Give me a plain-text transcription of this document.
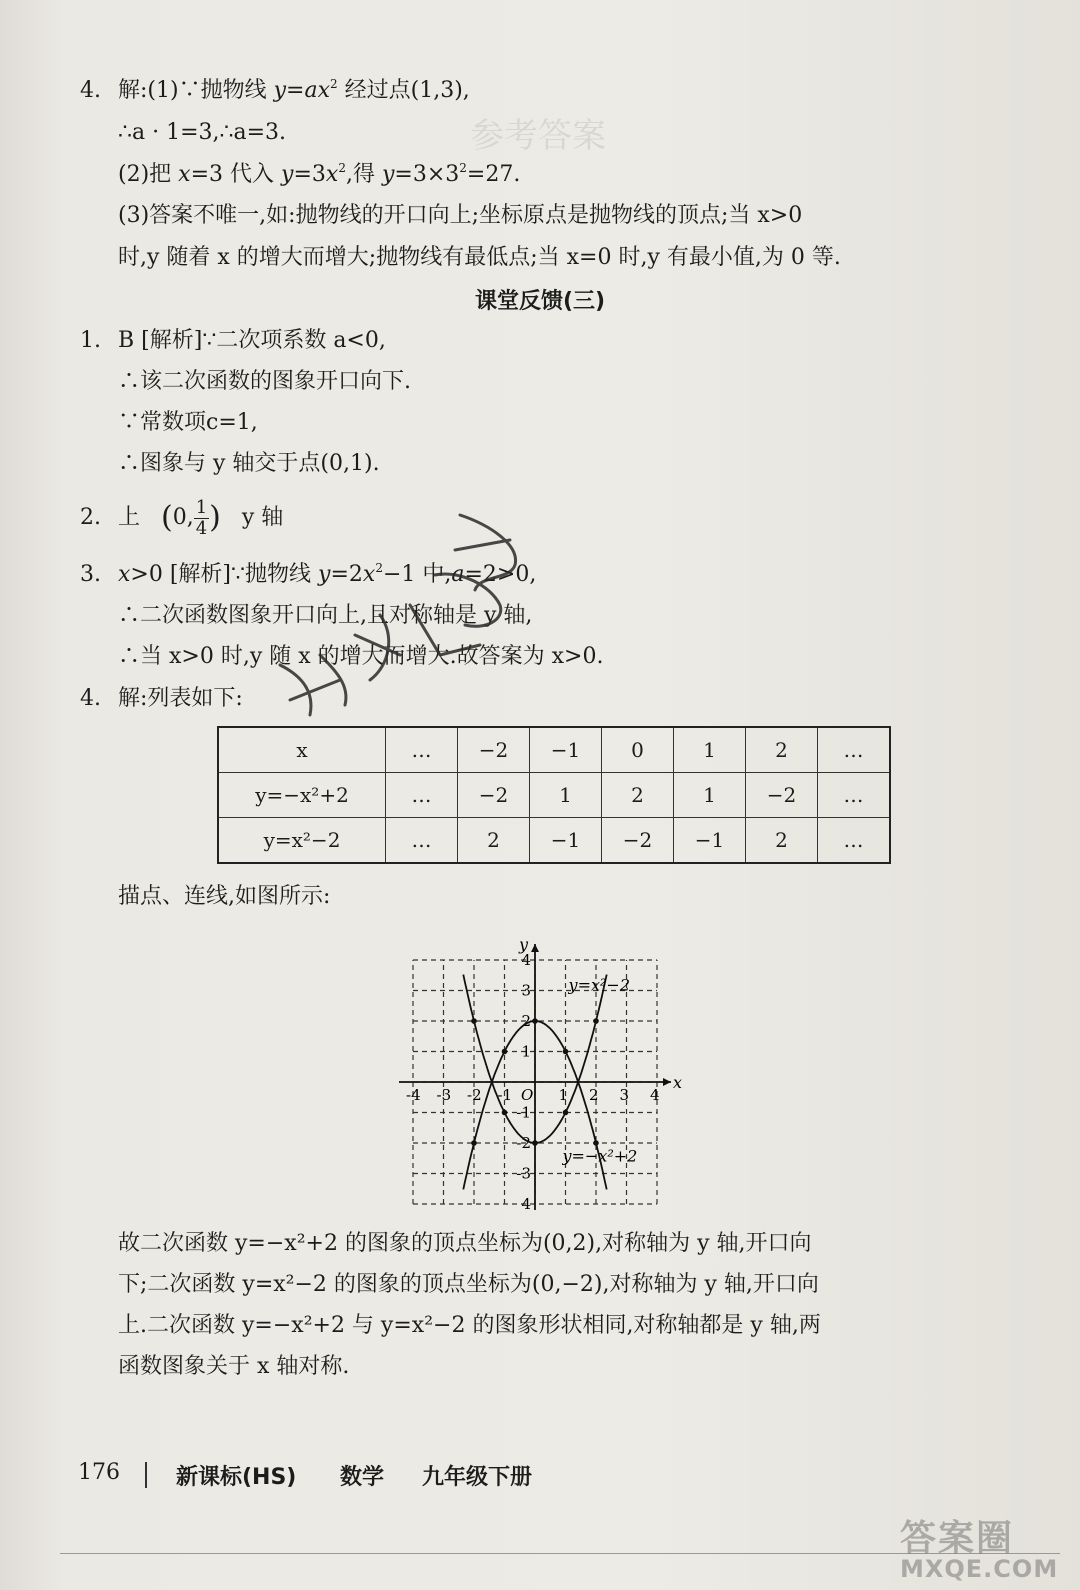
参考答案
4. 解:(1)∵抛物线 $y=ax^2$ 经过点(1,3),
∴a · 1=3,∴a=3.
(2)把 x=3 代入 $y=3x^2$,得 $y=3\times 3^2=27$.
(3)答案不唯一,如:抛物线的开口向上;坐标原点是抛物线的顶点;当 x>0
时,y 随着 x 的增大而增大;抛物线有最低点;当 x=0 时,y 有最小值,为 0 等.
课堂反馈(三)
1. B [解析]∵二次项系数 a<0,
∴该二次函数的图象开口向下.
∵常数项c=1,
∴图象与 y 轴交于点(0,1).
2. 上 (0, $\frac{1}{4}$ ) y 轴
3. x>0 [解析]∵抛物线 $y=2x^2-1$ 中,a=2>0,
∴二次函数图象开口向上,且对称轴是 y 轴,
∴当 x>0 时,y 随 x 的增大而增大.故答案为 x>0.
4. 解:列表如下:
x	…	−2	−1	0	1	2	…
y=−x²+2	…	−2	1	2	1	−2	…
y=x²−2	…	2	−1	−2	−1	2	…
描点、连线,如图所示:
x
y
O
-4 -3 -2 -1	1 2 3 4
4
3
2
1
-1
-2
-3
4
y=x²−2
y=−x²+2
故二次函数 y=−x²+2 的图象的顶点坐标为(0,2),对称轴为 y 轴,开口向
下;二次函数 y=x²−2 的图象的顶点坐标为(0,−2),对称轴为 y 轴,开口向
上.二次函数 y=−x²+2 与 y=x²−2 的图象形状相同,对称轴都是 y 轴,两
函数图象关于 x 轴对称.
176	新课标(HS) 数学 九年级下册
答案圈
MXQE.COM
